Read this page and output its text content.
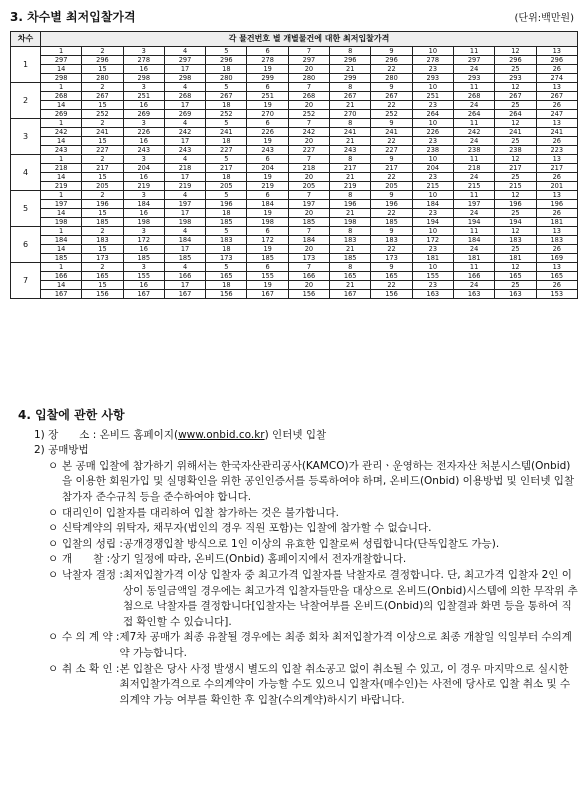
3. 차수별 최저입찰가격	(단위:백만원)
차수	각 물건번호 별 개별물건에 대한 최저입찰가격												
1	1	2	3	4	5	6	7	8	9	10	11	12	13
	297	296	278	297	296	278	297	296	296	278	297	296	296
	14	15	16	17	18	19	20	21	22	23	24	25	26
	298	280	298	298	280	299	280	299	280	293	293	293	274
2	1	2	3	4	5	6	7	8	9	10	11	12	13
	268	267	251	268	267	251	268	267	267	251	268	267	267
	14	15	16	17	18	19	20	21	22	23	24	25	26
	269	252	269	269	252	270	252	270	252	264	264	264	247
3	1	2	3	4	5	6	7	8	9	10	11	12	13
	242	241	226	242	241	226	242	241	241	226	242	241	241
	14	15	16	17	18	19	20	21	22	23	24	25	26
	243	227	243	243	227	243	227	243	227	238	238	238	223
4	1	2	3	4	5	6	7	8	9	10	11	12	13
	218	217	204	218	217	204	218	217	217	204	218	217	217
	14	15	16	17	18	19	20	21	22	23	24	25	26
	219	205	219	219	205	219	205	219	205	215	215	215	201
5	1	2	3	4	5	6	7	8	9	10	11	12	13
	197	196	184	197	196	184	197	196	196	184	197	196	196
	14	15	16	17	18	19	20	21	22	23	24	25	26
	198	185	198	198	185	198	185	198	185	194	194	194	181
6	1	2	3	4	5	6	7	8	9	10	11	12	13
	184	183	172	184	183	172	184	183	183	172	184	183	183
	14	15	16	17	18	19	20	21	22	23	24	25	26
	185	173	185	185	173	185	173	185	173	181	181	181	169
7	1	2	3	4	5	6	7	8	9	10	11	12	13
	166	165	155	166	165	155	166	165	165	155	166	165	165
	14	15	16	17	18	19	20	21	22	23	24	25	26
	167	156	167	167	156	167	156	167	156	163	163	163	153
4. 입찰에 관한 사항
1) 장　　소 : 온비드 홈페이지(www.onbid.co.kr) 인터넷 입찰
2) 공매방법
ㅇ 본 공매 입찰에 참가하기 위해서는 한국자산관리공사(KAMCO)가 관리ㆍ운영하는 전자자산 처분시스템(Onbid)을 이용한 회원가입 및 실명확인을 위한 공인인증서를 등록하여야 하며, 온비드(Onbid) 이용방법 및 인터넷 입찰참가자 준수규칙 등을 준수하여야 합니다.
ㅇ 대리인이 입찰자를 대리하여 입찰 참가하는 것은 불가합니다.
ㅇ 신탁계약의 위탁자, 채무자(법인의 경우 직원 포함)는 입찰에 참가할 수 없습니다.
ㅇ 입찰의 성립 : 공개경쟁입찰 방식으로 1인 이상의 유효한 입찰로써 성립합니다(단독입찰도 가능).
ㅇ 개　　찰 : 상기 일정에 따라, 온비드(Onbid) 홈페이지에서 전자개찰합니다.
ㅇ 낙찰자 결정 : 최저입찰가격 이상 입찰자 중 최고가격 입찰자를 낙찰자로 결정합니다. 단, 최고가격 입찰자 2인 이상이 동일금액일 경우에는 최고가격 입찰자들만을 대상으로 온비드(Onbid)시스템에 의한 무작위 추첨으로 낙찰자를 결정합니다[입찰자는 낙찰여부를 온비드(Onbid)의 입찰결과 화면 등을 통하여 직접 확인할 수 있습니다].
ㅇ 수 의 계 약 : 제7차 공매가 최종 유찰될 경우에는 최종 회차 최저입찰가격 이상으로 최종 개찰일 익일부터 수의계약 가능합니다.
ㅇ 취 소 확 인 : 본 입찰은 당사 사정 발생시 별도의 입찰 취소공고 없이 취소될 수 있고, 이 경우 마지막으로 실시한 최저입찰가격으로 수의계약이 가능할 수도 있으니 입찰자(매수인)는 사전에 당사로 입찰 취소 및 수의계약 가능 여부를 확인한 후 입찰(수의계약)하시기 바랍니다.
